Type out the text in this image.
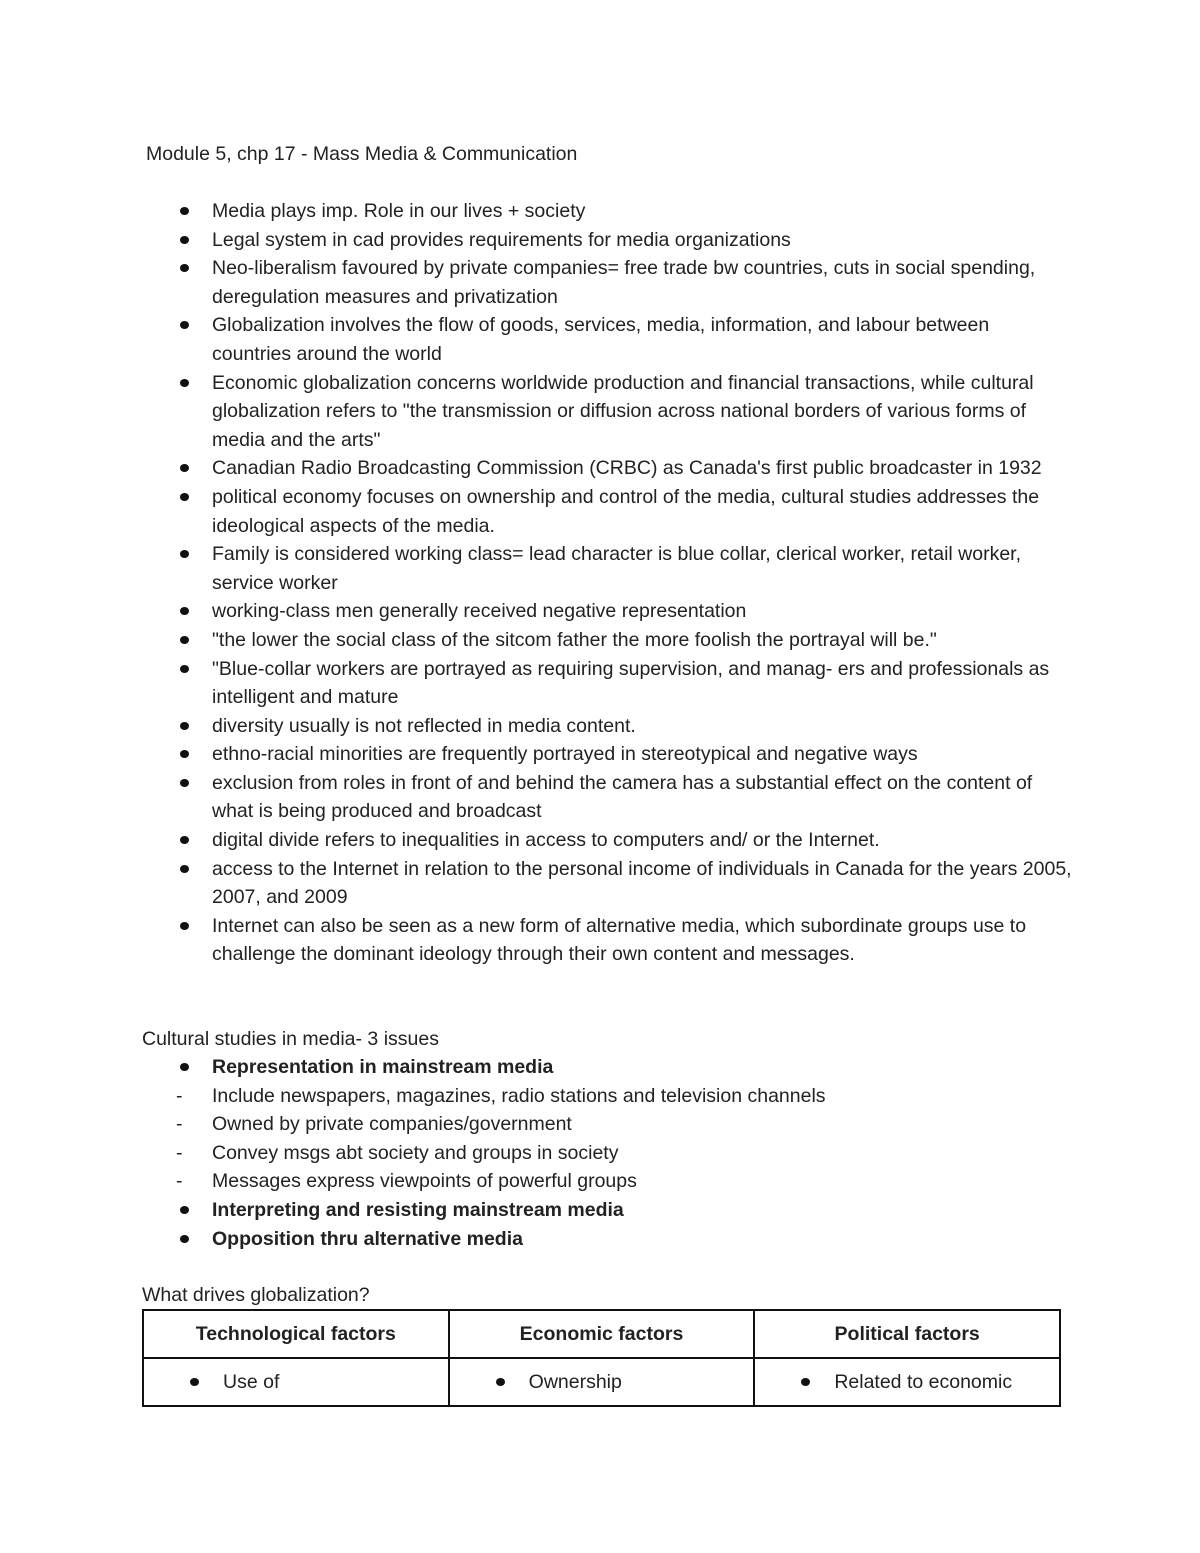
Module 5, chp 17 - Mass Media & Communication

Media plays imp. Role in our lives + society
Legal system in cad provides requirements for media organizations
Neo-liberalism favoured by private companies= free trade bw countries, cuts in social spending, deregulation measures and privatization
Globalization involves the flow of goods, services, media, information, and labour between countries around the world
Economic globalization concerns worldwide production and financial transactions, while cultural globalization refers to "the transmission or diffusion across national borders of various forms of media and the arts"
Canadian Radio Broadcasting Commission (CRBC) as Canada's first public broadcaster in 1932
political economy focuses on ownership and control of the media, cultural studies addresses the ideological aspects of the media.
Family is considered working class= lead character is blue collar, clerical worker, retail worker, service worker
working-class men generally received negative representation
"the lower the social class of the sitcom father the more foolish the portrayal will be."
"Blue-collar workers are portrayed as requiring supervision, and manag- ers and professionals as intelligent and mature
diversity usually is not reflected in media content.
ethno-racial minorities are frequently portrayed in stereotypical and negative ways
exclusion from roles in front of and behind the camera has a substantial effect on the content of what is being produced and broadcast
digital divide refers to inequalities in access to computers and/ or the Internet.
access to the Internet in relation to the personal income of individuals in Canada for the years 2005, 2007, and 2009
Internet can also be seen as a new form of alternative media, which subordinate groups use to challenge the dominant ideology through their own content and messages.

Cultural studies in media- 3 issues

Representation in mainstream media
- Include newspapers, magazines, radio stations and television channels
- Owned by private companies/government
- Convey msgs abt society and groups in society
- Messages express viewpoints of powerful groups
Interpreting and resisting mainstream media
Opposition thru alternative media

What drives globalization?

Technological factors	Economic factors	Political factors

Use of	Ownership	Related to economic
